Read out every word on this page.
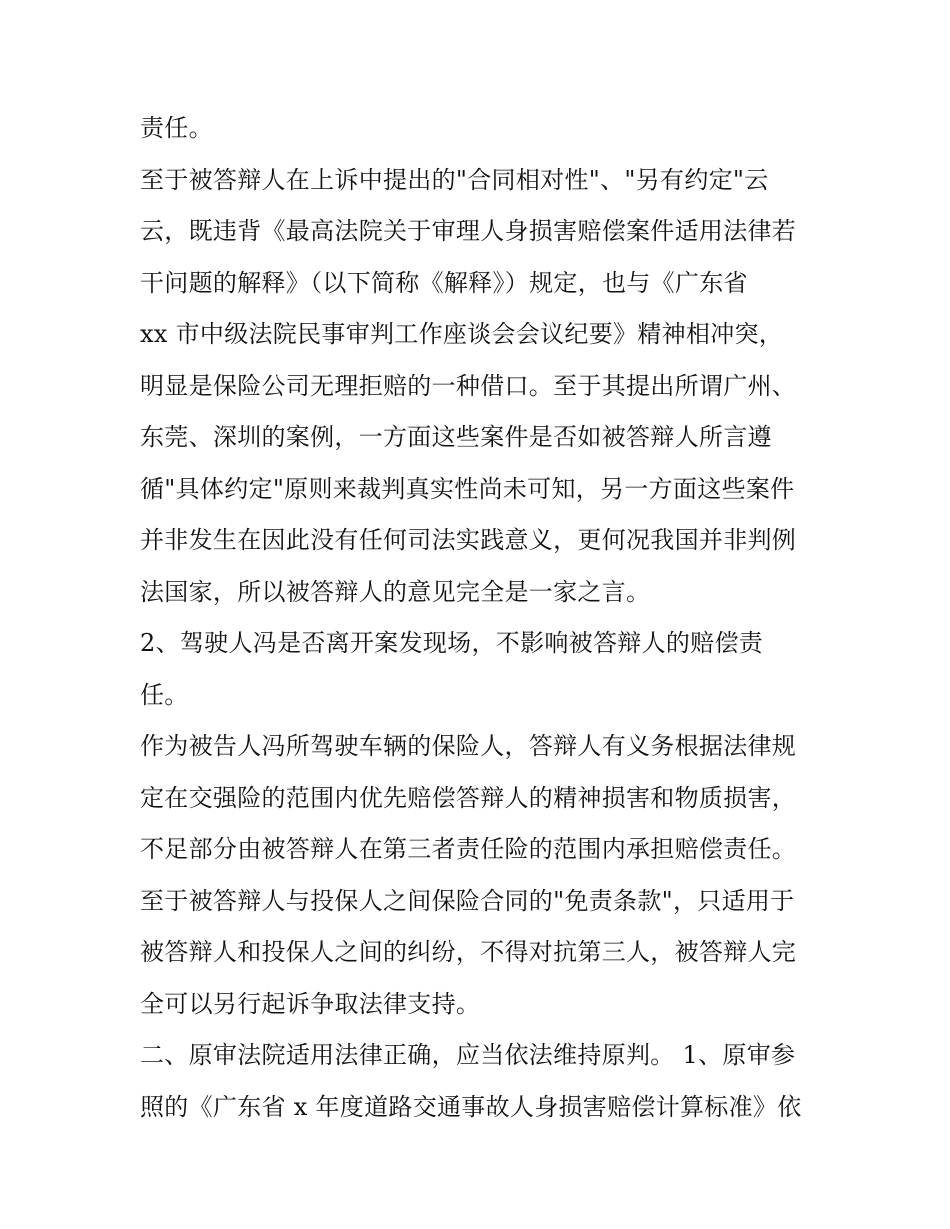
责任。
至于被答辩人在上诉中提出的"合同相对性"、"另有约定"云
云，既违背《最高法院关于审理人身损害赔偿案件适用法律若
干问题的解释》（以下简称《解释》）规定，也与《广东省
xx 市中级法院民事审判工作座谈会会议纪要》精神相冲突，
明显是保险公司无理拒赔的一种借口。至于其提出所谓广州、
东莞、深圳的案例，一方面这些案件是否如被答辩人所言遵
循"具体约定"原则来裁判真实性尚未可知，另一方面这些案件
并非发生在因此没有任何司法实践意义，更何况我国并非判例
法国家，所以被答辩人的意见完全是一家之言。
2、驾驶人冯是否离开案发现场，不影响被答辩人的赔偿责
任。
作为被告人冯所驾驶车辆的保险人，答辩人有义务根据法律规
定在交强险的范围内优先赔偿答辩人的精神损害和物质损害，
不足部分由被答辩人在第三者责任险的范围内承担赔偿责任。
至于被答辩人与投保人之间保险合同的"免责条款"，只适用于
被答辩人和投保人之间的纠纷，不得对抗第三人，被答辩人完
全可以另行起诉争取法律支持。
二、原审法院适用法律正确，应当依法维持原判。 1、原审参
照的《广东省 x 年度道路交通事故人身损害赔偿计算标准》依
